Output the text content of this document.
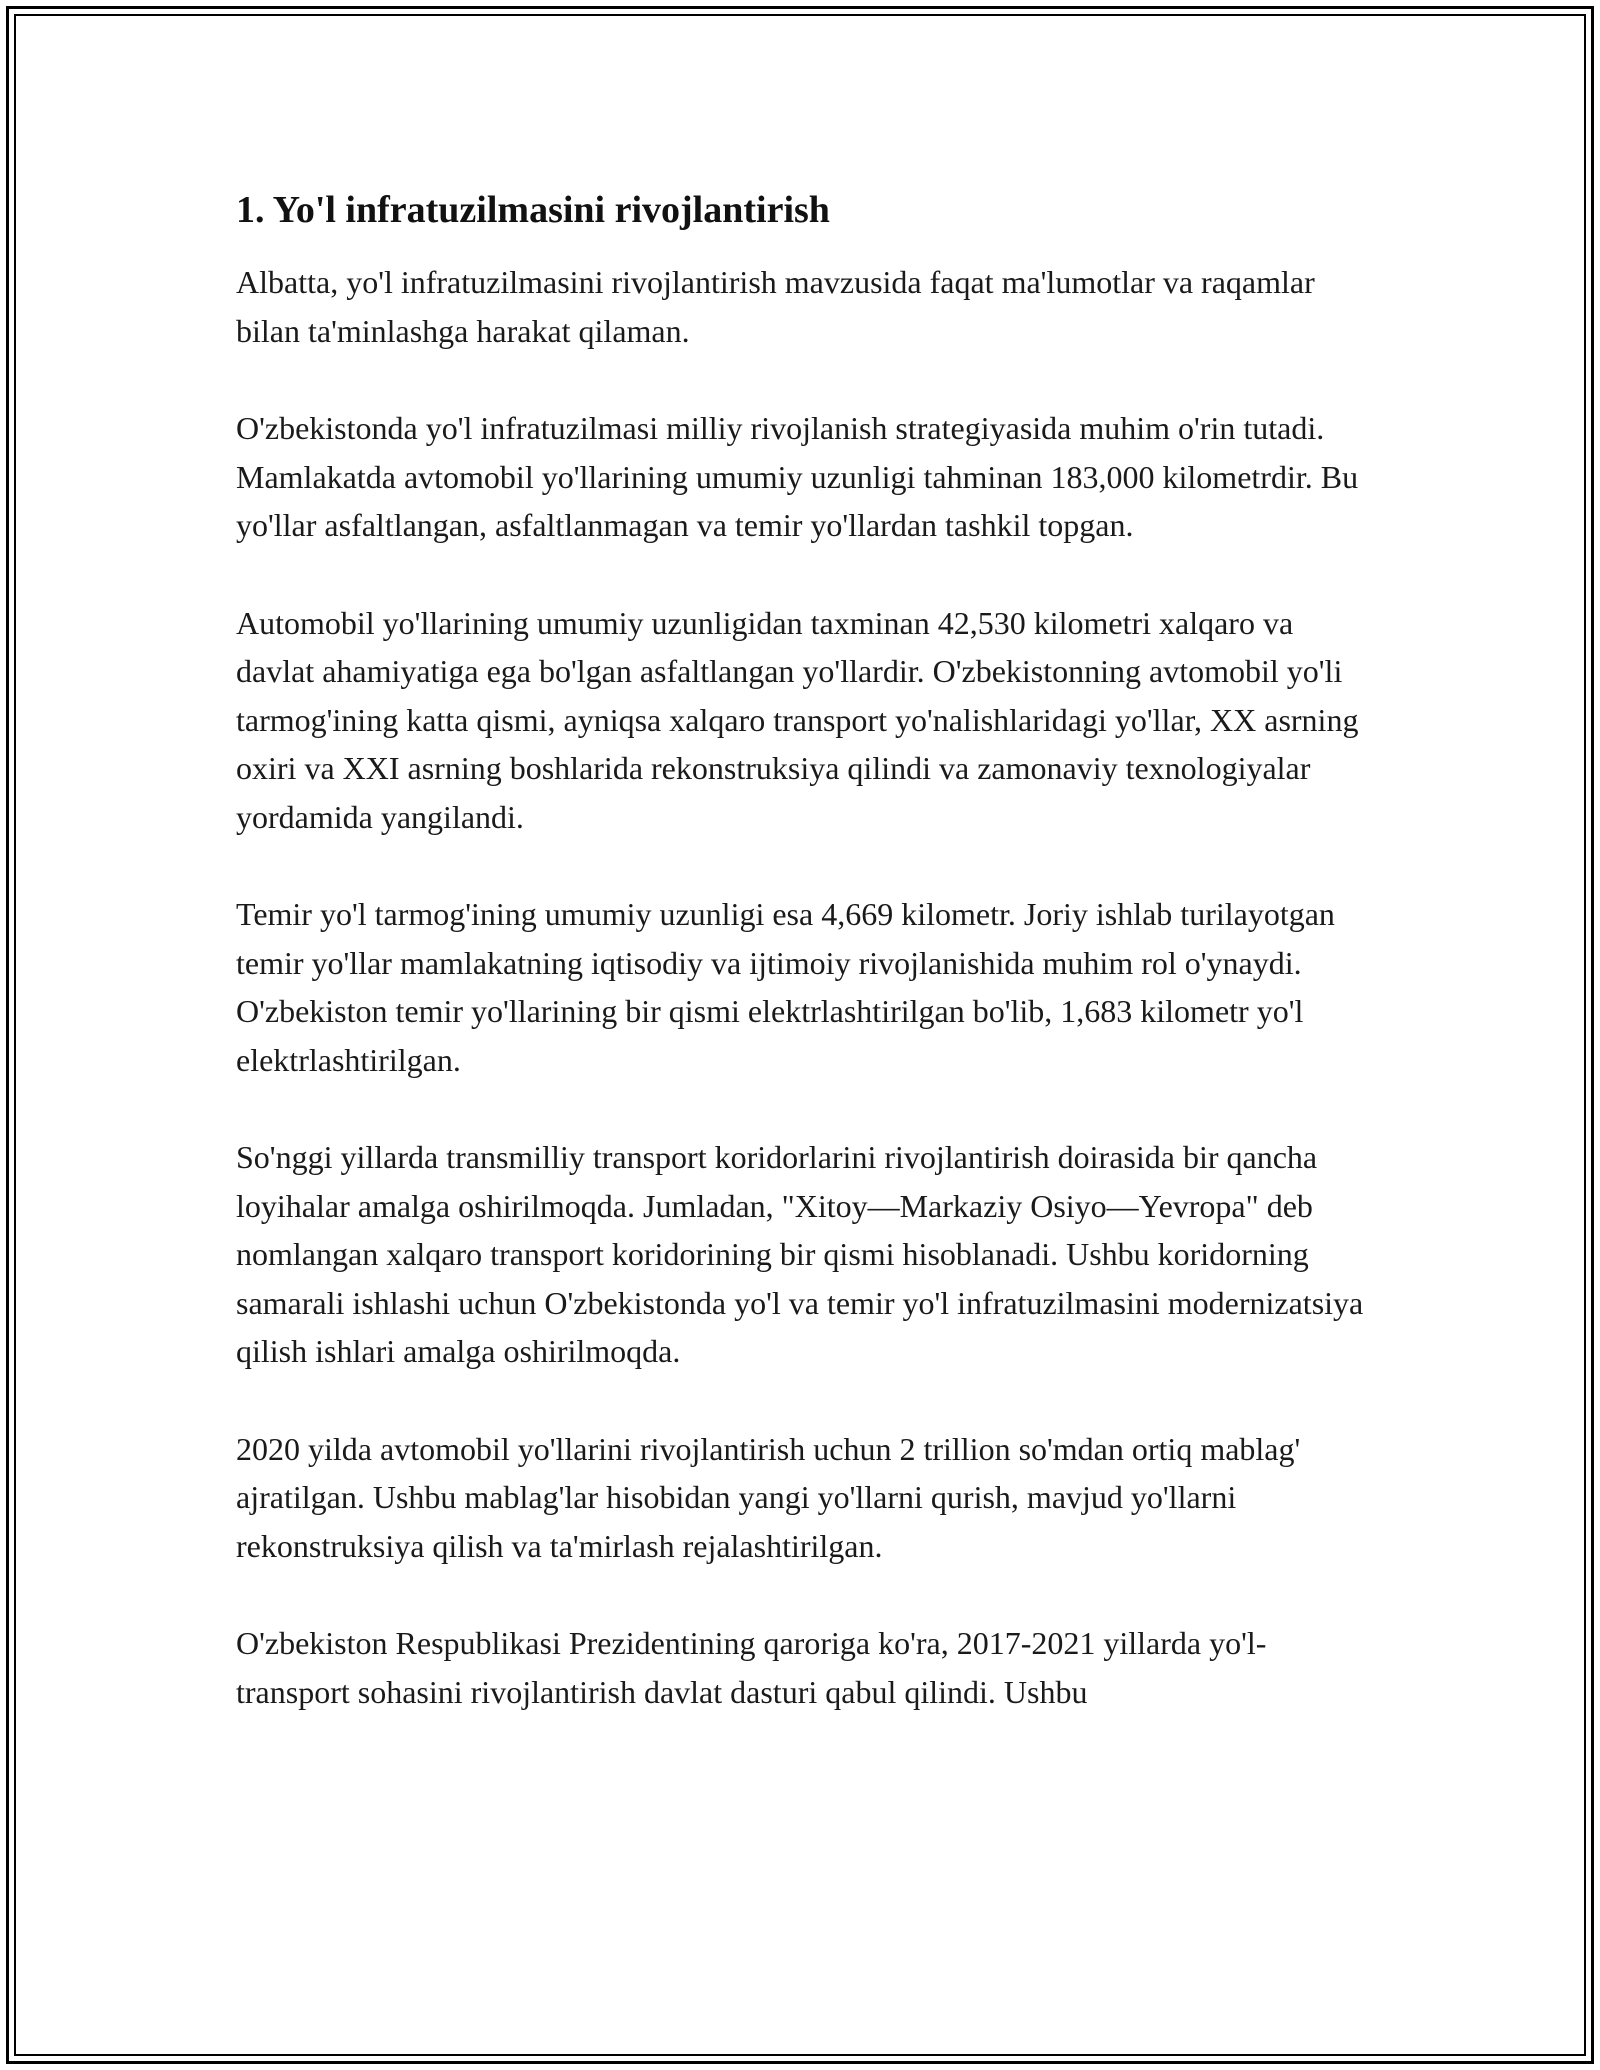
1. Yo'l infratuzilmasini rivojlantirish

Albatta, yo'l infratuzilmasini rivojlantirish mavzusida faqat ma'lumotlar va raqamlar bilan ta'minlashga harakat qilaman.

O'zbekistonda yo'l infratuzilmasi milliy rivojlanish strategiyasida muhim o'rin tutadi. Mamlakatda avtomobil yo'llarining umumiy uzunligi tahminan 183,000 kilometrdir. Bu yo'llar asfaltlangan, asfaltlanmagan va temir yo'llardan tashkil topgan.

Automobil yo'llarining umumiy uzunligidan taxminan 42,530 kilometri xalqaro va davlat ahamiyatiga ega bo'lgan asfaltlangan yo'llardir. O'zbekistonning avtomobil yo'li tarmog'ining katta qismi, ayniqsa xalqaro transport yo'nalishlaridagi yo'llar, XX asrning oxiri va XXI asrning boshlarida rekonstruksiya qilindi va zamonaviy texnologiyalar yordamida yangilandi.

Temir yo'l tarmog'ining umumiy uzunligi esa 4,669 kilometr. Joriy ishlab turilayotgan temir yo'llar mamlakatning iqtisodiy va ijtimoiy rivojlanishida muhim rol o'ynaydi. O'zbekiston temir yo'llarining bir qismi elektrlashtirilgan bo'lib, 1,683 kilometr yo'l elektrlashtirilgan.

So'nggi yillarda transmilliy transport koridorlarini rivojlantirish doirasida bir qancha loyihalar amalga oshirilmoqda. Jumladan, "Xitoy—Markaziy Osiyo—Yevropa" deb nomlangan xalqaro transport koridorining bir qismi hisoblanadi. Ushbu koridorning samarali ishlashi uchun O'zbekistonda yo'l va temir yo'l infratuzilmasini modernizatsiya qilish ishlari amalga oshirilmoqda.

2020 yilda avtomobil yo'llarini rivojlantirish uchun 2 trillion so'mdan ortiq mablag' ajratilgan. Ushbu mablag'lar hisobidan yangi yo'llarni qurish, mavjud yo'llarni rekonstruksiya qilish va ta'mirlash rejalashtirilgan.

O'zbekiston Respublikasi Prezidentining qaroriga ko'ra, 2017-2021 yillarda yo'l-transport sohasini rivojlantirish davlat dasturi qabul qilindi. Ushbu
